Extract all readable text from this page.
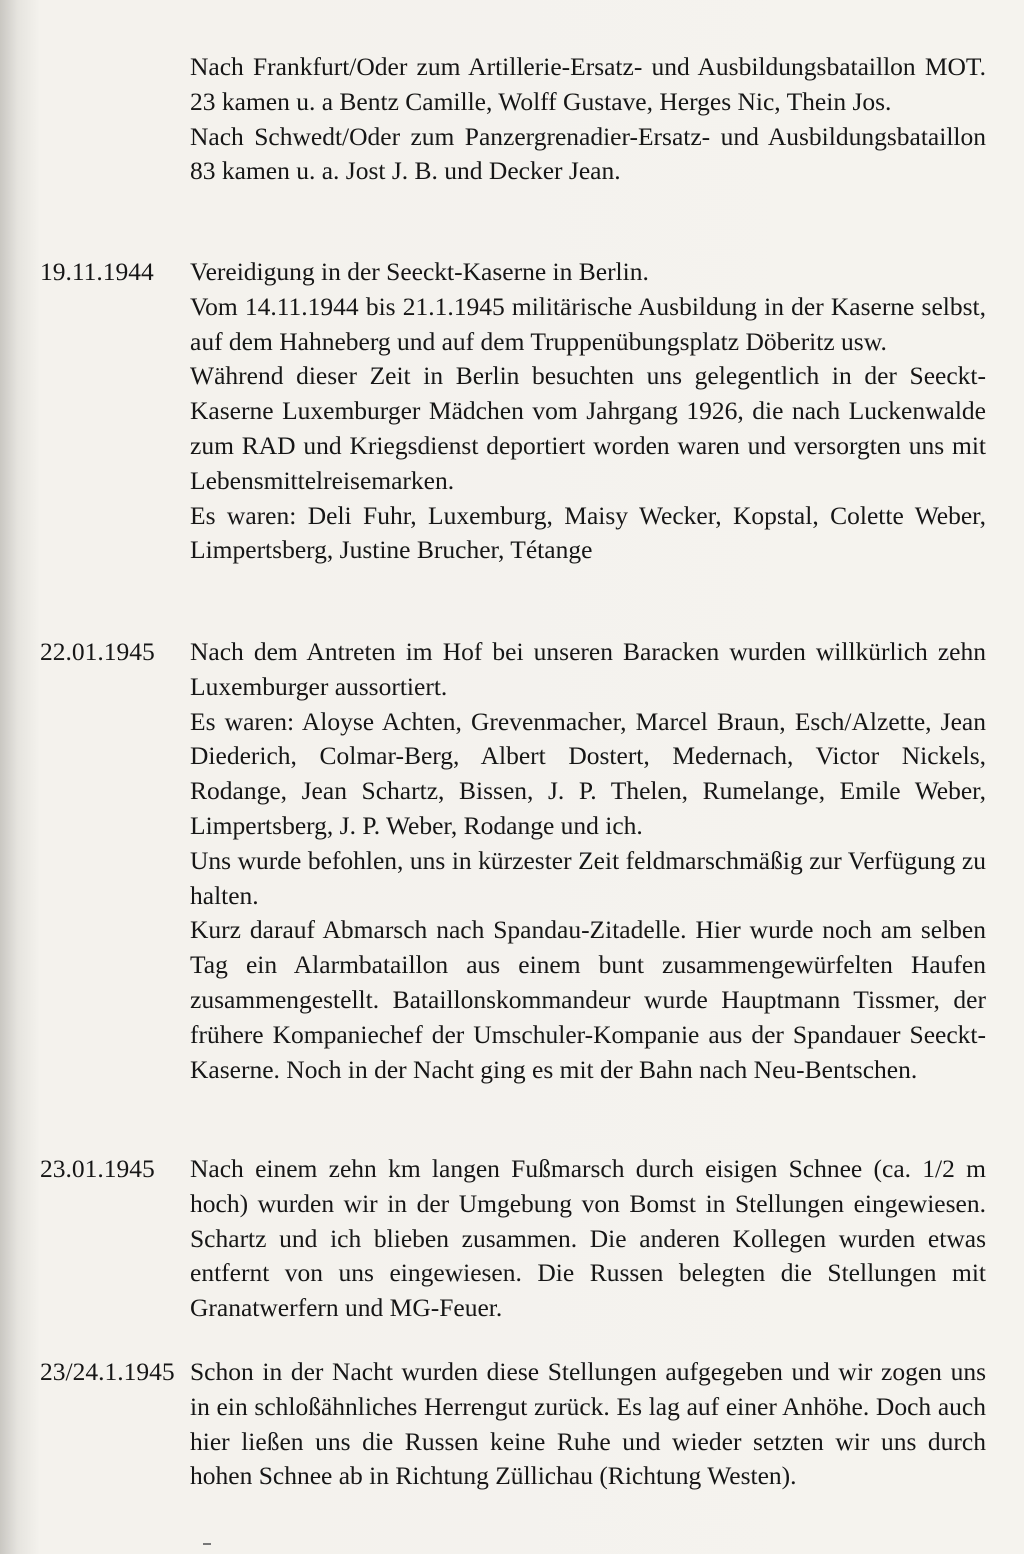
Nach Frankfurt/Oder zum Artillerie-Ersatz- und Ausbildungsbataillon MOT. 23 kamen u. a Bentz Camille, Wolff Gustave, Herges Nic, Thein Jos.

Nach Schwedt/Oder zum Panzergrenadier-Ersatz- und Ausbildungsbataillon 83 kamen u. a. Jost J. B. und Decker Jean.

19.11.1944	Vereidigung in der Seeckt-Kaserne in Berlin.

Vom 14.11.1944 bis 21.1.1945 militärische Ausbildung in der Kaserne selbst, auf dem Hahneberg und auf dem Truppenübungsplatz Döberitz usw.

Während dieser Zeit in Berlin besuchten uns gelegentlich in der Seeckt-Kaserne Luxemburger Mädchen vom Jahrgang 1926, die nach Luckenwalde zum RAD und Kriegsdienst deportiert worden waren und versorgten uns mit Lebensmittelreisemarken.

Es waren: Deli Fuhr, Luxemburg, Maisy Wecker, Kopstal, Colette Weber, Limpertsberg, Justine Brucher, Tétange

22.01.1945	Nach dem Antreten im Hof bei unseren Baracken wurden willkürlich zehn Luxemburger aussortiert.

Es waren: Aloyse Achten, Grevenmacher, Marcel Braun, Esch/Alzette, Jean Diederich, Colmar-Berg, Albert Dostert, Medernach, Victor Nickels, Rodange, Jean Schartz, Bissen, J. P. Thelen, Rumelange, Emile Weber, Limpertsberg, J. P. Weber, Rodange und ich.

Uns wurde befohlen, uns in kürzester Zeit feldmarschmäßig zur Verfügung zu halten.

Kurz darauf Abmarsch nach Spandau-Zitadelle. Hier wurde noch am selben Tag ein Alarmbataillon aus einem bunt zusammengewürfelten Haufen zusammengestellt. Bataillonskommandeur wurde Hauptmann Tissmer, der frühere Kompaniechef der Umschuler-Kompanie aus der Spandauer Seeckt-Kaserne. Noch in der Nacht ging es mit der Bahn nach Neu-Bentschen.

23.01.1945	Nach einem zehn km langen Fußmarsch durch eisigen Schnee (ca. 1/2 m hoch) wurden wir in der Umgebung von Bomst in Stellungen eingewiesen. Schartz und ich blieben zusammen. Die anderen Kollegen wurden etwas entfernt von uns eingewiesen. Die Russen belegten die Stellungen mit Granatwerfern und MG-Feuer.

23/24.1.1945 Schon in der Nacht wurden diese Stellungen aufgegeben und wir zogen uns in ein schloßähnliches Herrengut zurück. Es lag auf einer Anhöhe. Doch auch hier ließen uns die Russen keine Ruhe und wieder setzten wir uns durch hohen Schnee ab in Richtung Züllichau (Richtung Westen).
